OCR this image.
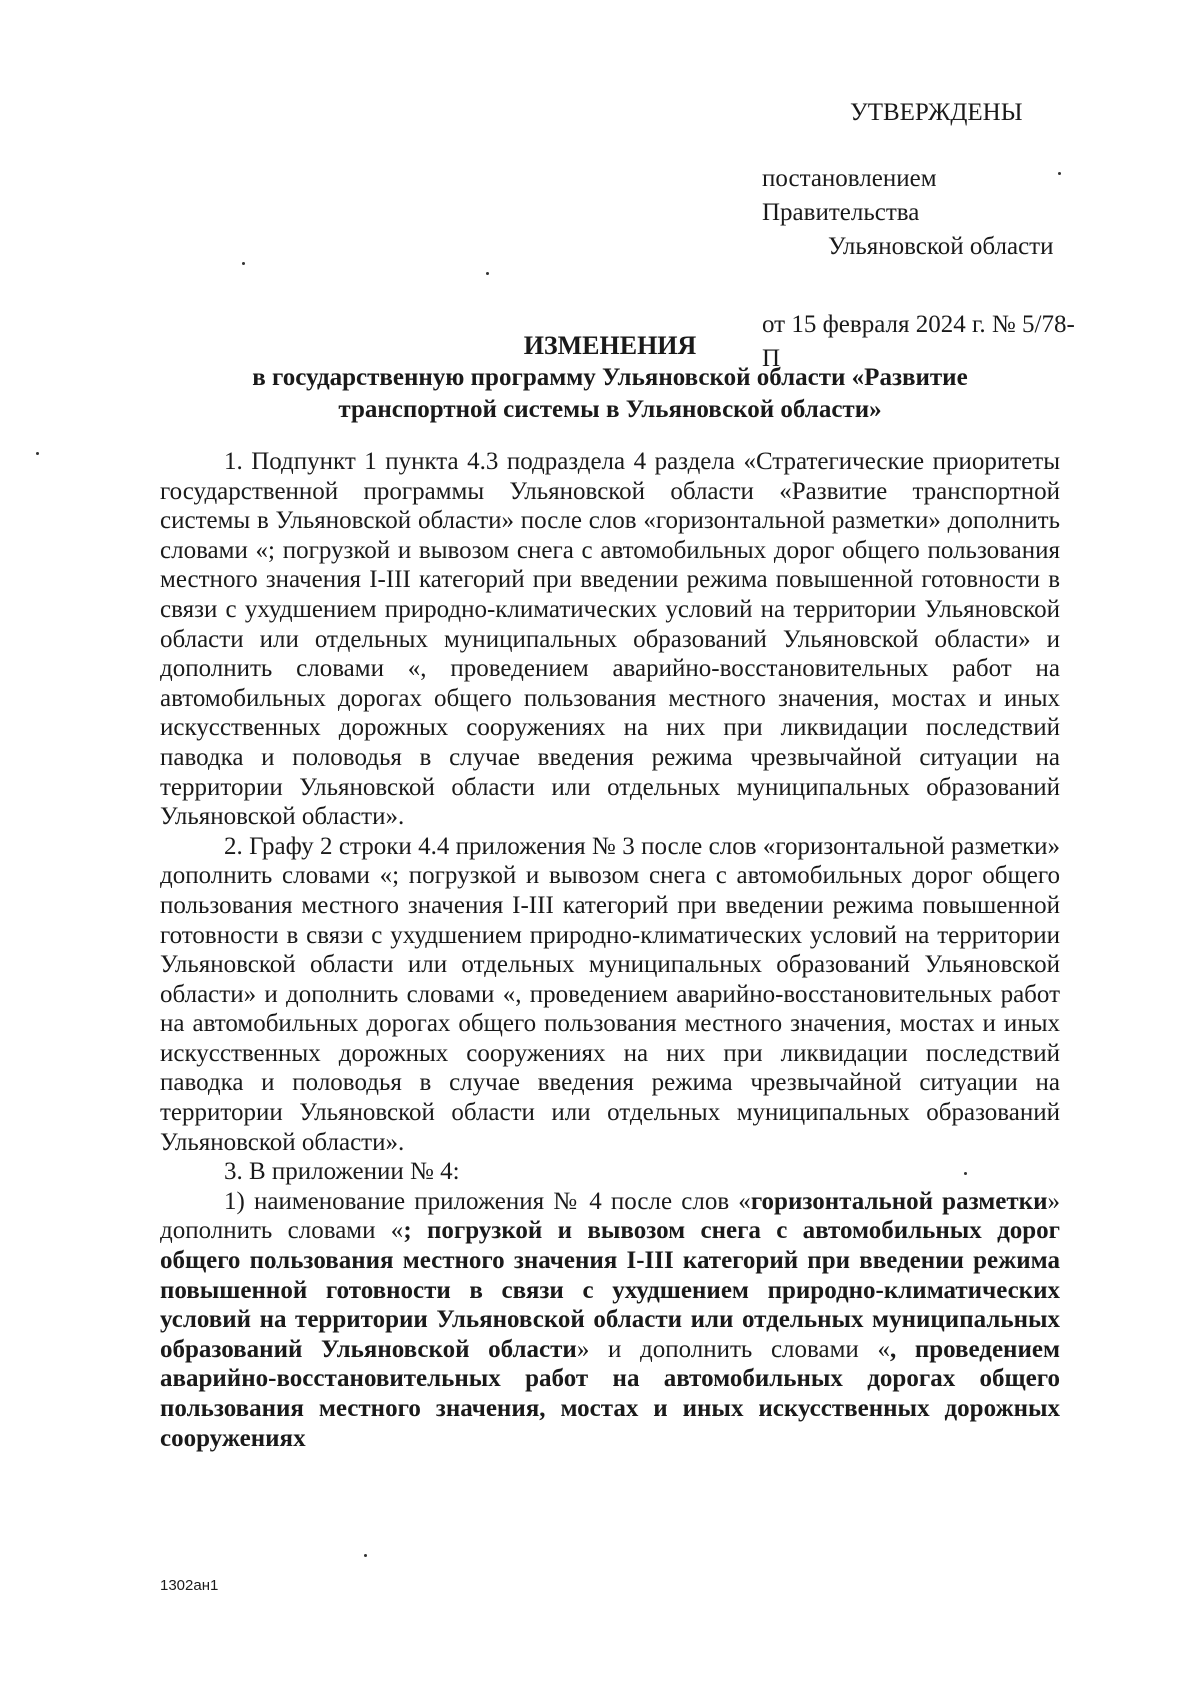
УТВЕРЖДЕНЫ
постановлением Правительства
Ульяновской области
от 15 февраля 2024 г. № 5/78-П
ИЗМЕНЕНИЯ
в государственную программу Ульяновской области «Развитие
транспортной системы в Ульяновской области»

1. Подпункт 1 пункта 4.3 подраздела 4 раздела «Стратегические приоритеты государственной программы Ульяновской области «Развитие транспортной системы в Ульяновской области» после слов «горизонтальной разметки» дополнить словами «; погрузкой и вывозом снега с автомобильных дорог общего пользования местного значения I-III категорий при введении режима повышенной готовности в связи с ухудшением природно-климатических условий на территории Ульяновской области или отдельных муниципальных образований Ульяновской области» и дополнить словами «, проведением аварийно-восстановительных работ на автомобильных дорогах общего пользования местного значения, мостах и иных искусственных дорожных сооружениях на них при ликвидации последствий паводка и половодья в случае введения режима чрезвычайной ситуации на территории Ульяновской области или отдельных муниципальных образований Ульяновской области».

2. Графу 2 строки 4.4 приложения № 3 после слов «горизонтальной разметки» дополнить словами «; погрузкой и вывозом снега с автомобильных дорог общего пользования местного значения I-III категорий при введении режима повышенной готовности в связи с ухудшением природно-климатических условий на территории Ульяновской области или отдельных муниципальных образований Ульяновской области» и дополнить словами «, проведением аварийно-восстановительных работ на автомобильных дорогах общего пользования местного значения, мостах и иных искусственных дорожных сооружениях на них при ликвидации последствий паводка и половодья в случае введения режима чрезвычайной ситуации на территории Ульяновской области или отдельных муниципальных образований Ульяновской области».

3. В приложении № 4:

1) наименование приложения № 4 после слов «горизонтальной разметки» дополнить словами «; погрузкой и вывозом снега с автомобильных дорог общего пользования местного значения I-III категорий при введении режима повышенной готовности в связи с ухудшением природно-климатических условий на территории Ульяновской области или отдельных муниципальных образований Ульяновской области» и дополнить словами «, проведением аварийно-восстановительных работ на автомобильных дорогах общего пользования местного значения, мостах и иных искусственных дорожных сооружениях

1302ан1
